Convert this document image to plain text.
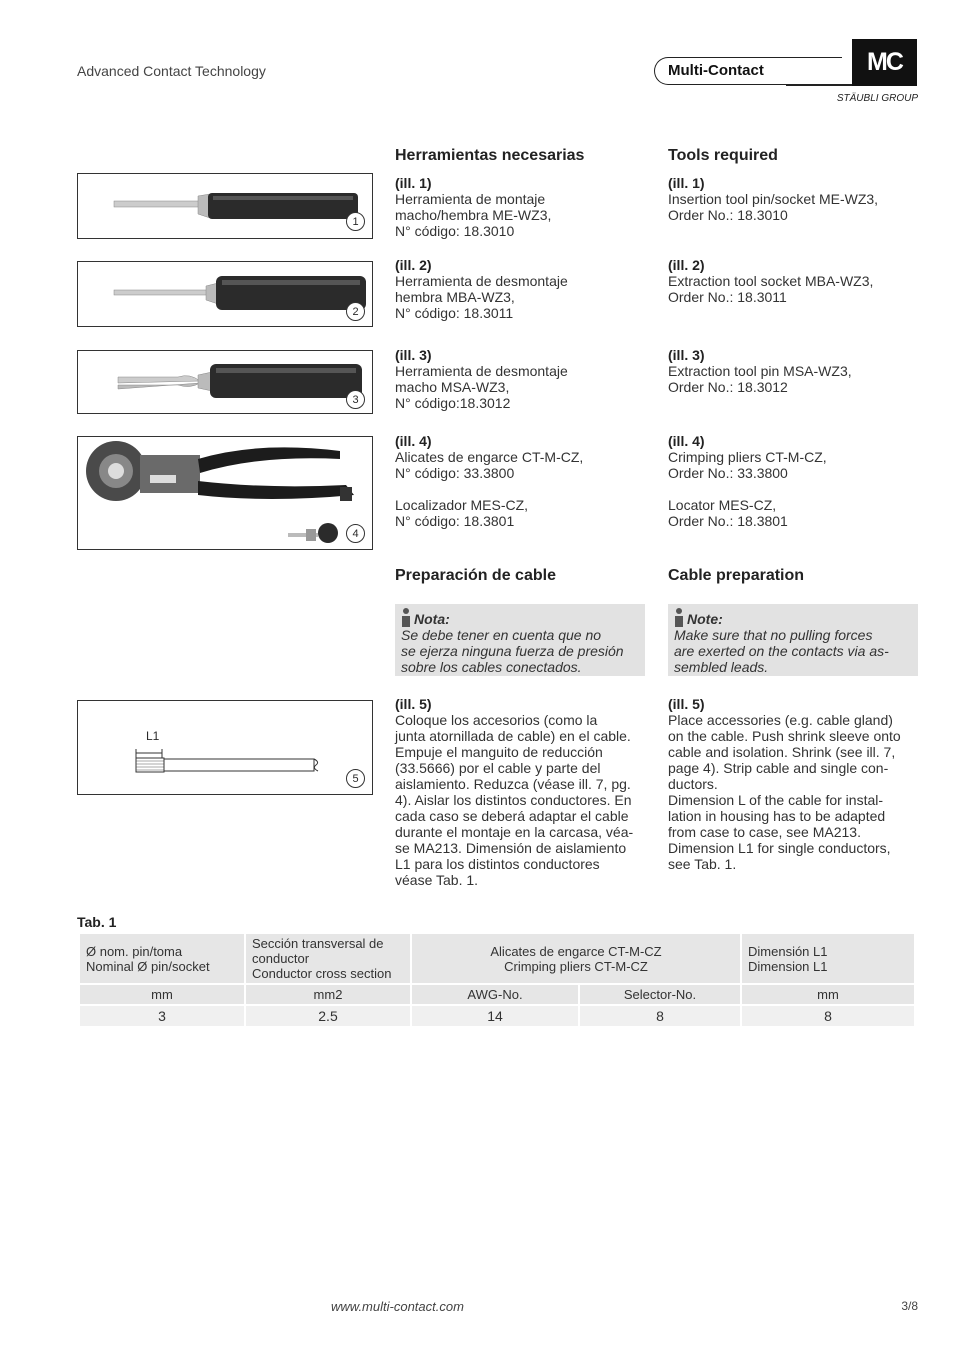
Advanced Contact Technology	Multi-Contact	MC
STÄUBLI GROUP
Herramientas necesarias	Tools required
1
2
3
4
(ill. 1)
Herramienta de montaje
macho/hembra ME-WZ3,
N° código: 18.3010
(ill. 2)
Herramienta de desmontaje
hembra MBA-WZ3,
N° código: 18.3011
(ill. 3)
Herramienta de desmontaje
macho MSA-WZ3,
N° código:18.3012
(ill. 4)
Alicates de engarce CT-M-CZ,
N° código: 33.3800
Localizador MES-CZ,
N° código: 18.3801
(ill. 1)
Insertion tool pin/socket ME-WZ3,
Order No.: 18.3010
(ill. 2)
Extraction tool socket MBA-WZ3,
Order No.: 18.3011
(ill. 3)
Extraction tool pin MSA-WZ3,
Order No.: 18.3012
(ill. 4)
Crimping pliers CT-M-CZ,
Order No.: 33.3800
Locator MES-CZ,
Order No.: 18.3801
Preparación de cable	Cable preparation
Nota:
Se debe tener en cuenta que no
se ejerza ninguna fuerza de presión
sobre los cables conectados.
Note:
Make sure that no pulling forces
are exerted on the contacts via as-
sembled leads.
L1
5
(ill. 5)
Coloque los accesorios (como la
junta atornillada de cable) en el cable.
Empuje el manguito de reducción
(33.5666) por el cable y parte del
aislamiento. Reduzca (véase ill. 7, pg.
4). Aislar los distintos conductores. En
cada caso se deberá adaptar el cable
durante el montaje en la carcasa, véa-
se MA213. Dimensión de aislamiento
L1 para los distintos conductores
véase Tab. 1.
(ill. 5)
Place accessories (e.g. cable gland)
on the cable. Push shrink sleeve onto
cable and isolation. Shrink (see ill. 7,
page 4). Strip cable and single con-
ductors.
Dimension L of the cable for instal-
lation in housing has to be adapted
from case to case, see MA213.
Dimension L1 for single conductors,
see Tab. 1.
Tab. 1
Ø nom. pin/toma
Nominal Ø pin/socket	Sección transversal de
conductor
Conductor cross section	Alicates de engarce CT-M-CZ
Crimping pliers CT-M-CZ		Dimensión L1
Dimension L1
mm	mm2	AWG-No.	Selector-No.	mm
3	2.5	14	8	8
www.multi-contact.com	3/8
